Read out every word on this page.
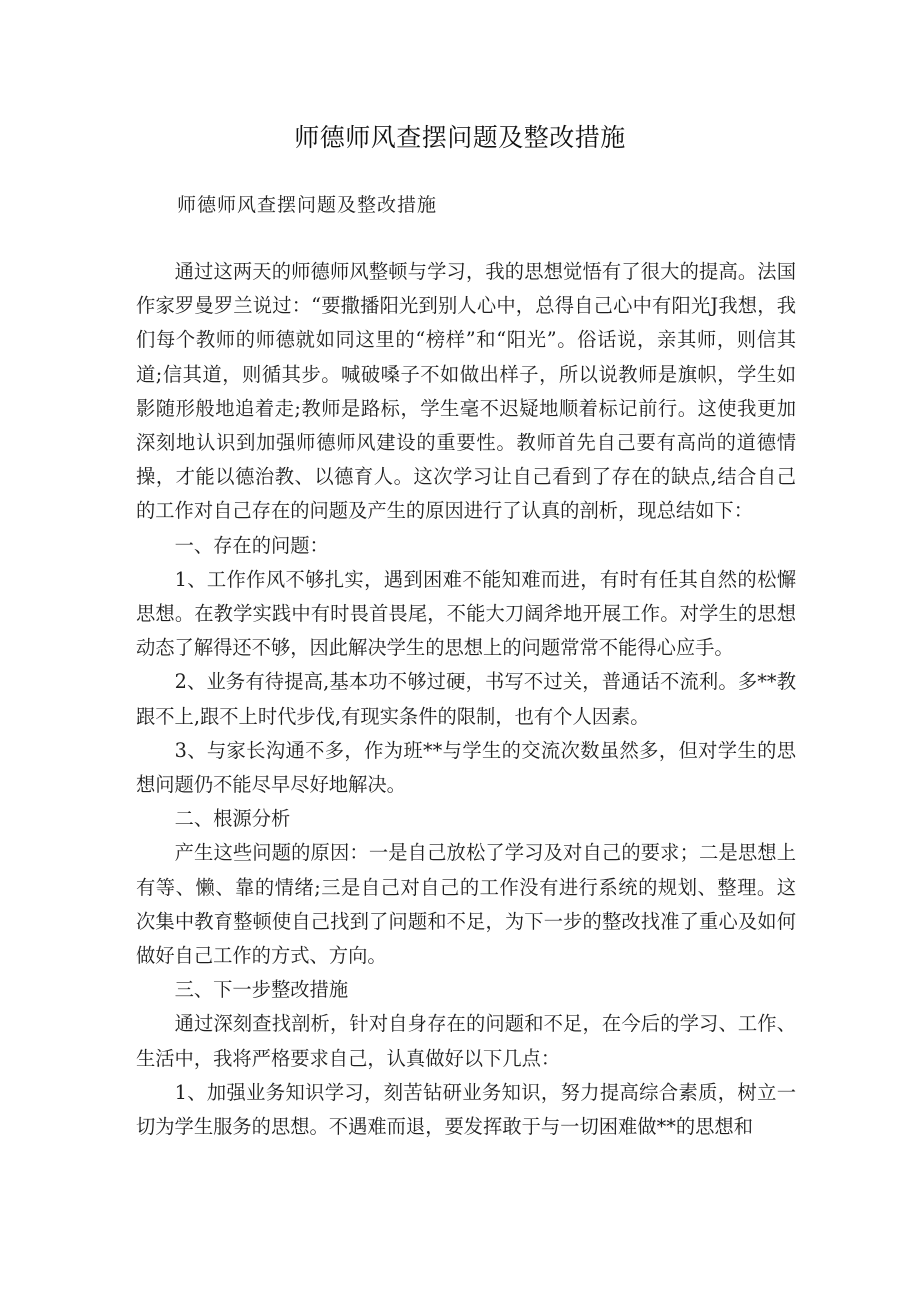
师德师风查摆问题及整改措施
师德师风查摆问题及整改措施

通过这两天的师德师风整顿与学习，我的思想觉悟有了很大的提高。法国作家罗曼罗兰说过：“要撒播阳光到别人心中，总得自己心中有阳光J我想，我们每个教师的师德就如同这里的“榜样”和“阳光”。俗话说，亲其师，则信其道;信其道，则循其步。喊破嗓子不如做出样子，所以说教师是旗帜，学生如影随形般地追着走;教师是路标，学生毫不迟疑地顺着标记前行。这使我更加深刻地认识到加强师德师风建设的重要性。教师首先自己要有高尚的道德情操，才能以德治教、以德育人。这次学习让自己看到了存在的缺点,结合自己的工作对自己存在的问题及产生的原因进行了认真的剖析，现总结如下：

一、存在的问题：

1、工作作风不够扎实，遇到困难不能知难而进，有时有任其自然的松懈思想。在教学实践中有时畏首畏尾，不能大刀阔斧地开展工作。对学生的思想动态了解得还不够，因此解决学生的思想上的问题常常不能得心应手。

2、业务有待提高,基本功不够过硬，书写不过关，普通话不流利。多**教跟不上,跟不上时代步伐,有现实条件的限制，也有个人因素。

3、与家长沟通不多，作为班**与学生的交流次数虽然多，但对学生的思想问题仍不能尽早尽好地解决。

二、根源分析

产生这些问题的原因：一是自己放松了学习及对自己的要求；二是思想上有等、懒、靠的情绪;三是自己对自己的工作没有进行系统的规划、整理。这次集中教育整顿使自己找到了问题和不足，为下一步的整改找准了重心及如何做好自己工作的方式、方向。

三、下一步整改措施

通过深刻查找剖析，针对自身存在的问题和不足，在今后的学习、工作、生活中，我将严格要求自己，认真做好以下几点：

1、加强业务知识学习，刻苦钻研业务知识，努力提高综合素质，树立一切为学生服务的思想。不遇难而退，要发挥敢于与一切困难做**的思想和
